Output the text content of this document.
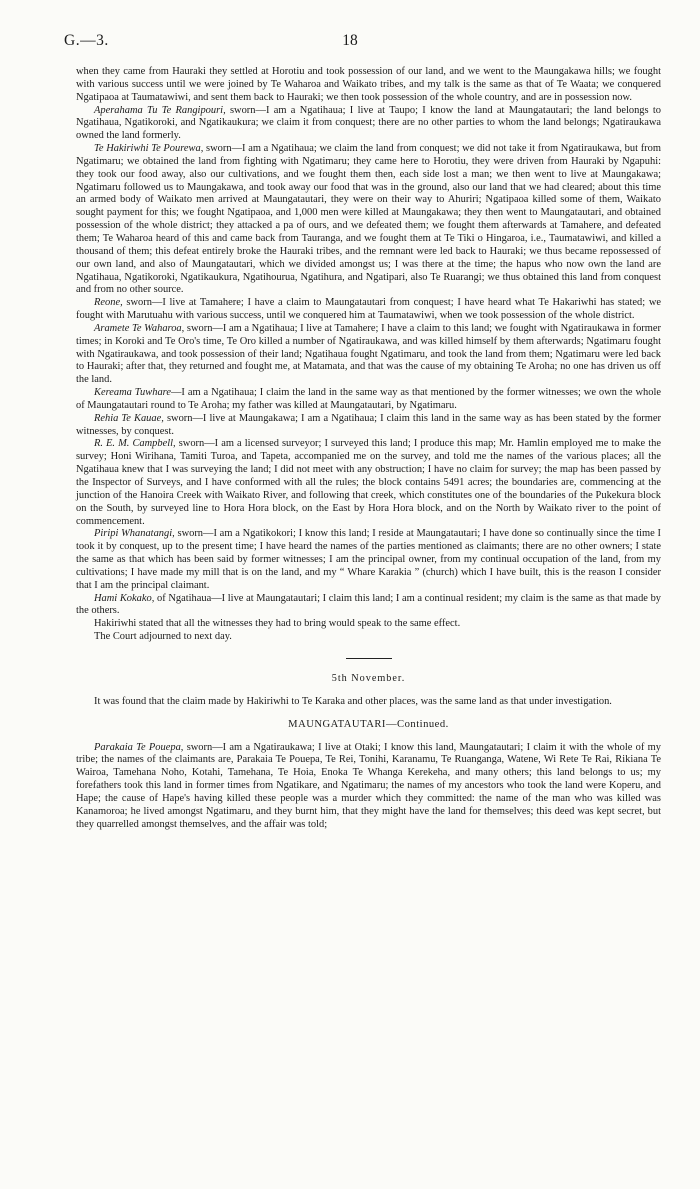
G.—3.	18

when they came from Hauraki they settled at Horotiu and took possession of our land, and we went to the Maungakawa hills; we fought with various success until we were joined by Te Waharoa and Waikato tribes, and my talk is the same as that of Te Waata; we conquered Ngatipaoa at Taumatawiwi, and sent them back to Hauraki; we then took possession of the whole country, and are in possession now.

Aperahama Tu Te Rangipouri, sworn—I am a Ngatihaua; I live at Taupo; I know the land at Maungatautari; the land belongs to Ngatihaua, Ngatikoroki, and Ngatikaukura; we claim it from conquest; there are no other parties to whom the land belongs; Ngatiraukawa owned the land formerly.

Te Hakiriwhi Te Pourewa, sworn—I am a Ngatihaua; we claim the land from conquest; we did not take it from Ngatiraukawa, but from Ngatimaru; we obtained the land from fighting with Ngatimaru; they came here to Horotiu, they were driven from Hauraki by Ngapuhi: they took our food away, also our cultivations, and we fought them then, each side lost a man; we then went to live at Maungakawa; Ngatimaru followed us to Maungakawa, and took away our food that was in the ground, also our land that we had cleared; about this time an armed body of Waikato men arrived at Maungatautari, they were on their way to Ahuriri; Ngatipaoa killed some of them, Waikato sought payment for this; we fought Ngatipaoa, and 1,000 men were killed at Maungakawa; they then went to Maungatautari, and obtained possession of the whole district; they attacked a pa of ours, and we defeated them; we fought them afterwards at Tamahere, and defeated them; Te Waharoa heard of this and came back from Tauranga, and we fought them at Te Tiki o Hingaroa, i.e., Taumatawiwi, and killed a thousand of them; this defeat entirely broke the Hauraki tribes, and the remnant were led back to Hauraki; we thus became repossessed of our own land, and also of Maungatautari, which we divided amongst us; I was there at the time; the hapus who now own the land are Ngatihaua, Ngatikoroki, Ngatikaukura, Ngatihourua, Ngatihura, and Ngatipari, also Te Ruarangi; we thus obtained this land from conquest and from no other source.

Reone, sworn—I live at Tamahere; I have a claim to Maungatautari from conquest; I have heard what Te Hakariwhi has stated; we fought with Marutuahu with various success, until we conquered him at Taumatawiwi, when we took possession of the whole district.

Aramete Te Waharoa, sworn—I am a Ngatihaua; I live at Tamahere; I have a claim to this land; we fought with Ngatiraukawa in former times; in Koroki and Te Oro's time, Te Oro killed a number of Ngatiraukawa, and was killed himself by them afterwards; Ngatimaru fought with Ngatiraukawa, and took possession of their land; Ngatihaua fought Ngatimaru, and took the land from them; Ngatimaru were led back to Hauraki; after that, they returned and fought me, at Matamata, and that was the cause of my obtaining Te Aroha; no one has driven us off the land.

Kereama Tuwhare—I am a Ngatihaua; I claim the land in the same way as that mentioned by the former witnesses; we own the whole of Maungatautari round to Te Aroha; my father was killed at Maungatautari, by Ngatimaru.

Rehia Te Kauae, sworn—I live at Maungakawa; I am a Ngatihaua; I claim this land in the same way as has been stated by the former witnesses, by conquest.

R. E. M. Campbell, sworn—I am a licensed surveyor; I surveyed this land; I produce this map; Mr. Hamlin employed me to make the survey; Honi Wirihana, Tamiti Turoa, and Tapeta, accompanied me on the survey, and told me the names of the various places; all the Ngatihaua knew that I was surveying the land; I did not meet with any obstruction; I have no claim for survey; the map has been passed by the Inspector of Surveys, and I have conformed with all the rules; the block contains 5491 acres; the boundaries are, commencing at the junction of the Hanoira Creek with Waikato River, and following that creek, which constitutes one of the boundaries of the Pukekura block on the South, by surveyed line to Hora Hora block, on the East by Hora Hora block, and on the North by Waikato river to the point of commencement.

Piripi Whanatangi, sworn—I am a Ngatikokori; I know this land; I reside at Maungatautari; I have done so continually since the time I took it by conquest, up to the present time; I have heard the names of the parties mentioned as claimants; there are no other owners; I state the same as that which has been said by former witnesses; I am the principal owner, from my continual occupation of the land, from my cultivations; I have made my mill that is on the land, and my “ Whare Karakia ” (church) which I have built, this is the reason I consider that I am the principal claimant.

Hami Kokako, of Ngatihaua—I live at Maungatautari; I claim this land; I am a continual resident; my claim is the same as that made by the others.

Hakiriwhi stated that all the witnesses they had to bring would speak to the same effect.

The Court adjourned to next day.

5th November.

It was found that the claim made by Hakiriwhi to Te Karaka and other places, was the same land as that under investigation.

MAUNGATAUTARI—Continued.

Parakaia Te Pouepa, sworn—I am a Ngatiraukawa; I live at Otaki; I know this land, Maungatautari; I claim it with the whole of my tribe; the names of the claimants are, Parakaia Te Pouepa, Te Rei, Tonihi, Karanamu, Te Ruanganga, Watene, Wi Rete Te Rai, Rikiana Te Wairoa, Tamehana Noho, Kotahi, Tamehana, Te Hoia, Enoka Te Whanga Kerekeha, and many others; this land belongs to us; my forefathers took this land in former times from Ngatikare, and Ngatimaru; the names of my ancestors who took the land were Koperu, and Hape; the cause of Hape's having killed these people was a murder which they committed: the name of the man who was killed was Kanamoroa; he lived amongst Ngatimaru, and they burnt him, that they might have the land for themselves; this deed was kept secret, but they quarrelled amongst themselves, and the affair was told;
